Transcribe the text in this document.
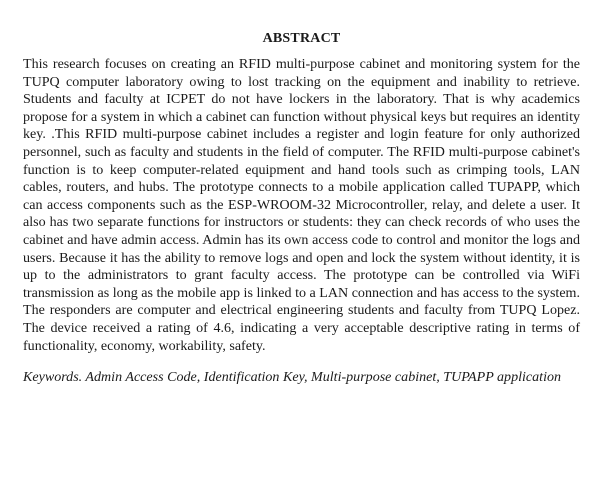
ABSTRACT

This research focuses on creating an RFID multi-purpose cabinet and monitoring system for the TUPQ computer laboratory owing to lost tracking on the equipment and inability to retrieve. Students and faculty at ICPET do not have lockers in the laboratory. That is why academics propose for a system in which a cabinet can function without physical keys but requires an identity key. .This RFID multi-purpose cabinet includes a register and login feature for only authorized personnel, such as faculty and students in the field of computer. The RFID multi-purpose cabinet's function is to keep computer-related equipment and hand tools such as crimping tools, LAN cables, routers, and hubs. The prototype connects to a mobile application called TUPAPP, which can access components such as the ESP-WROOM-32 Microcontroller, relay, and delete a user. It also has two separate functions for instructors or students: they can check records of who uses the cabinet and have admin access. Admin has its own access code to control and monitor the logs and users. Because it has the ability to remove logs and open and lock the system without identity, it is up to the administrators to grant faculty access. The prototype can be controlled via WiFi transmission as long as the mobile app is linked to a LAN connection and has access to the system. The responders are computer and electrical engineering students and faculty from TUPQ Lopez. The device received a rating of 4.6, indicating a very acceptable descriptive rating in terms of functionality, economy, workability, safety.

Keywords. Admin Access Code, Identification Key, Multi-purpose cabinet, TUPAPP application
